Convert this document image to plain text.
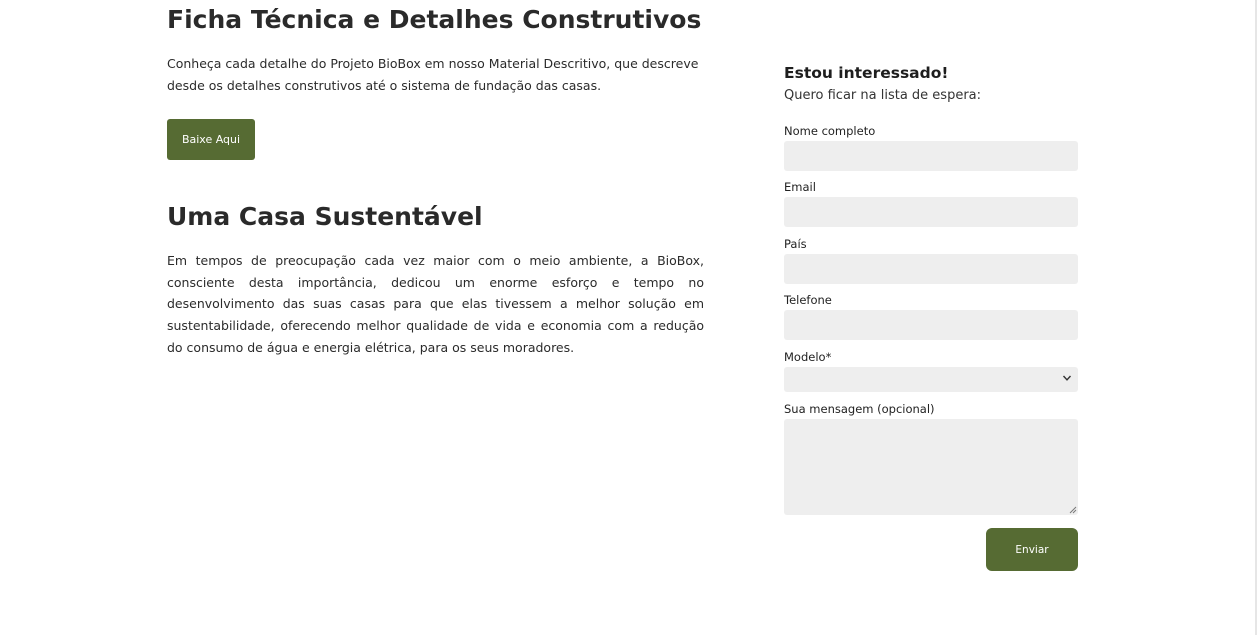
Ficha Técnica e Detalhes Construtivos

Conheça cada detalhe do Projeto BioBox em nosso Material Descritivo, que descreve desde os detalhes construtivos até o sistema de fundação das casas.

Baixe Aqui
Uma Casa Sustentável

Em tempos de preocupação cada vez maior com o meio ambiente, a BioBox, consciente desta importância, dedicou um enorme esforço e tempo no desenvolvimento das suas casas para que elas tivessem a melhor solução em sustentabilidade, oferecendo melhor qualidade de vida e economia com a redução do consumo de água e energia elétrica, para os seus moradores.

Estou interessado!
Quero ficar na lista de espera:
Nome completo
Email
País
Telefone
Modelo*
Sua mensagem (opcional)
Enviar
